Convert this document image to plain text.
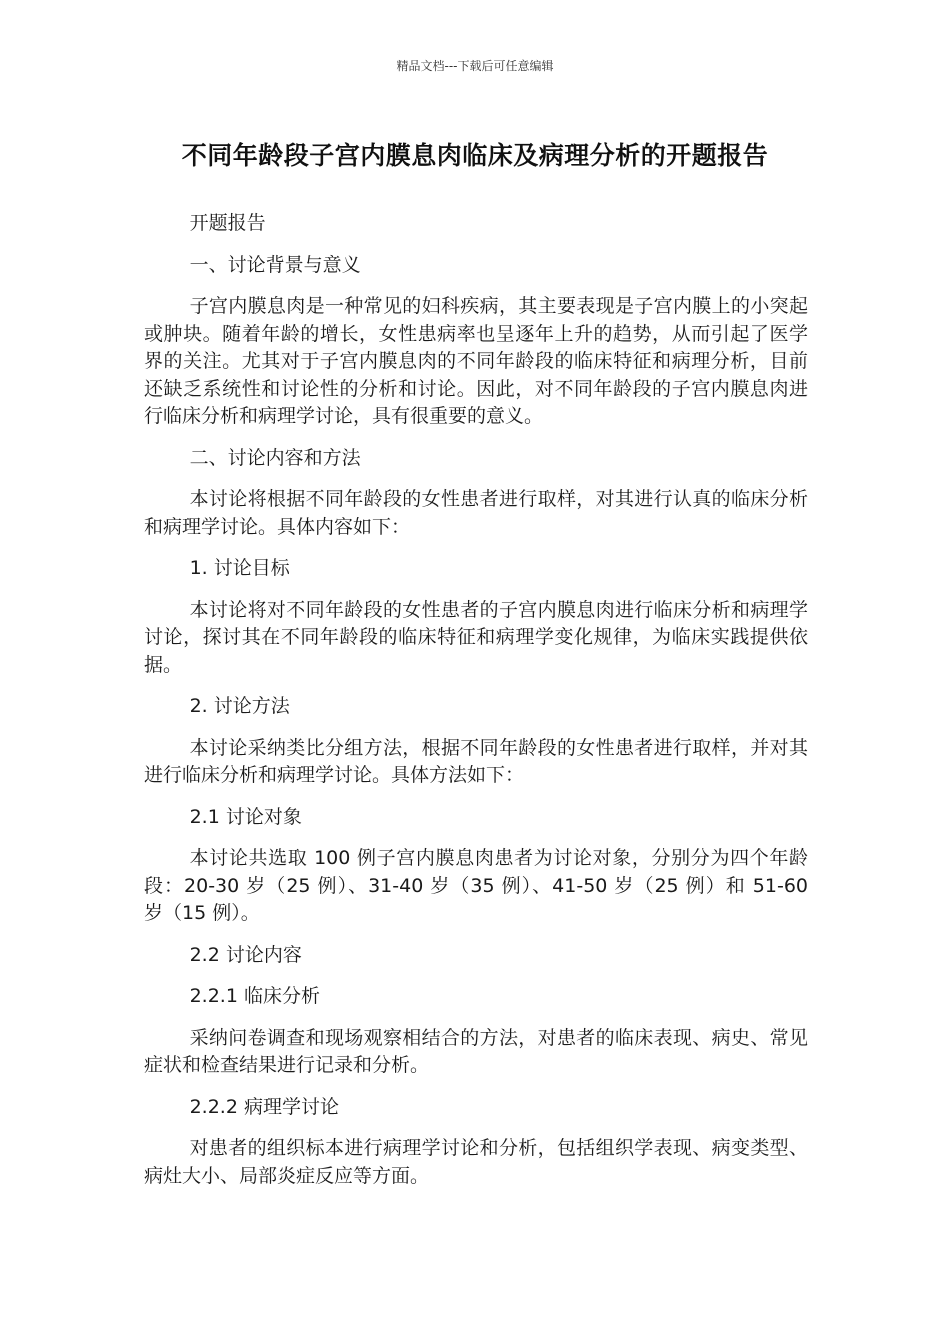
精品文档---下载后可任意编辑
不同年龄段子宫内膜息肉临床及病理分析的开题报告

开题报告

一、讨论背景与意义

子宫内膜息肉是一种常见的妇科疾病，其主要表现是子宫内膜上的小突起或肿块。随着年龄的增长，女性患病率也呈逐年上升的趋势，从而引起了医学界的关注。尤其对于子宫内膜息肉的不同年龄段的临床特征和病理分析，目前还缺乏系统性和讨论性的分析和讨论。因此，对不同年龄段的子宫内膜息肉进行临床分析和病理学讨论，具有很重要的意义。

二、讨论内容和方法

本讨论将根据不同年龄段的女性患者进行取样，对其进行认真的临床分析和病理学讨论。具体内容如下：

1. 讨论目标

本讨论将对不同年龄段的女性患者的子宫内膜息肉进行临床分析和病理学讨论，探讨其在不同年龄段的临床特征和病理学变化规律，为临床实践提供依据。

2. 讨论方法

本讨论采纳类比分组方法，根据不同年龄段的女性患者进行取样，并对其进行临床分析和病理学讨论。具体方法如下：

2.1 讨论对象

本讨论共选取 100 例子宫内膜息肉患者为讨论对象，分别分为四个年龄段：20-30 岁（25 例）、31-40 岁（35 例）、41-50 岁（25 例）和 51-60 岁（15 例）。

2.2 讨论内容

2.2.1 临床分析

采纳问卷调查和现场观察相结合的方法，对患者的临床表现、病史、常见症状和检查结果进行记录和分析。

2.2.2 病理学讨论

对患者的组织标本进行病理学讨论和分析，包括组织学表现、病变类型、病灶大小、局部炎症反应等方面。
